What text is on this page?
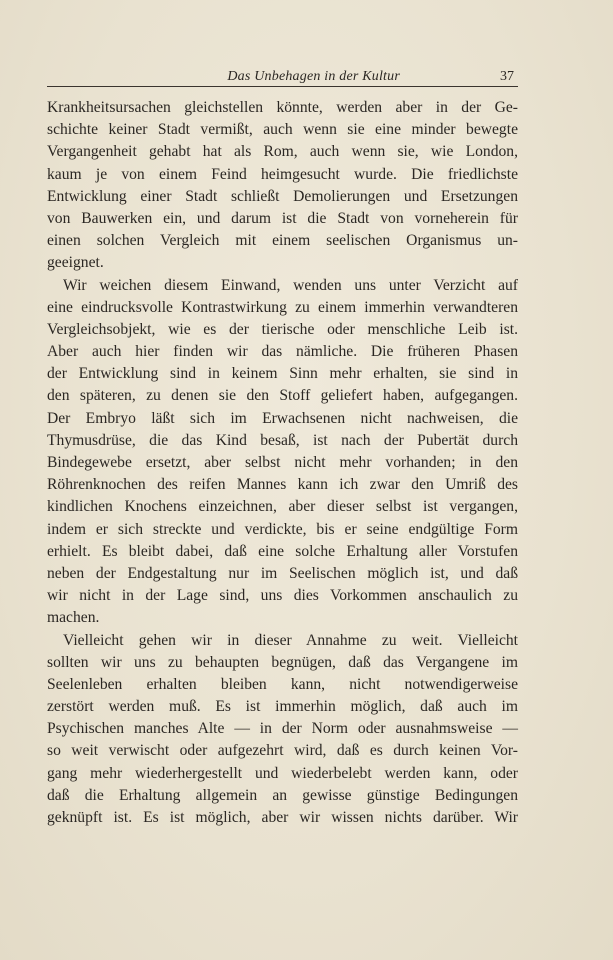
Das Unbehagen in der Kultur	37
Krankheitsursachen gleichstellen könnte, werden aber in der Ge-
schichte keiner Stadt vermißt, auch wenn sie eine minder bewegte
Vergangenheit gehabt hat als Rom, auch wenn sie, wie London,
kaum je von einem Feind heimgesucht wurde. Die friedlichste
Entwicklung einer Stadt schließt Demolierungen und Ersetzungen
von Bauwerken ein, und darum ist die Stadt von vorneherein für
einen solchen Vergleich mit einem seelischen Organismus un-
geeignet.
Wir weichen diesem Einwand, wenden uns unter Verzicht auf
eine eindrucksvolle Kontrastwirkung zu einem immerhin verwandteren
Vergleichsobjekt, wie es der tierische oder menschliche Leib ist.
Aber auch hier finden wir das nämliche. Die früheren Phasen
der Entwicklung sind in keinem Sinn mehr erhalten, sie sind in
den späteren, zu denen sie den Stoff geliefert haben, aufgegangen.
Der Embryo läßt sich im Erwachsenen nicht nachweisen, die
Thymusdrüse, die das Kind besaß, ist nach der Pubertät durch
Bindegewebe ersetzt, aber selbst nicht mehr vorhanden; in den
Röhrenknochen des reifen Mannes kann ich zwar den Umriß des
kindlichen Knochens einzeichnen, aber dieser selbst ist vergangen,
indem er sich streckte und verdickte, bis er seine endgültige Form
erhielt. Es bleibt dabei, daß eine solche Erhaltung aller Vorstufen
neben der Endgestaltung nur im Seelischen möglich ist, und daß
wir nicht in der Lage sind, uns dies Vorkommen anschaulich zu
machen.
Vielleicht gehen wir in dieser Annahme zu weit. Vielleicht
sollten wir uns zu behaupten begnügen, daß das Vergangene im
Seelenleben erhalten bleiben kann, nicht notwendigerweise
zerstört werden muß. Es ist immerhin möglich, daß auch im
Psychischen manches Alte — in der Norm oder ausnahmsweise —
so weit verwischt oder aufgezehrt wird, daß es durch keinen Vor-
gang mehr wiederhergestellt und wiederbelebt werden kann, oder
daß die Erhaltung allgemein an gewisse günstige Bedingungen
geknüpft ist. Es ist möglich, aber wir wissen nichts darüber. Wir
